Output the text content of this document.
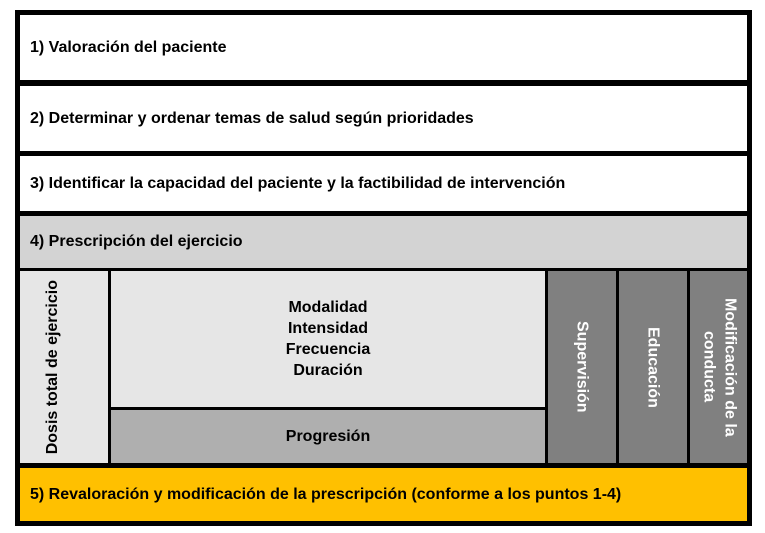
1) Valoración del paciente
2) Determinar y ordenar temas de salud según prioridades
3) Identificar la capacidad del paciente y la factibilidad de intervención
4) Prescripción del ejercicio
Dosis total de ejercicio	Modalidad
Intensidad
Frecuencia
Duración
Progresión
Supervisión	Educación	Modificación de la conducta
5) Revaloración y modificación de la prescripción (conforme a los puntos 1-4)
